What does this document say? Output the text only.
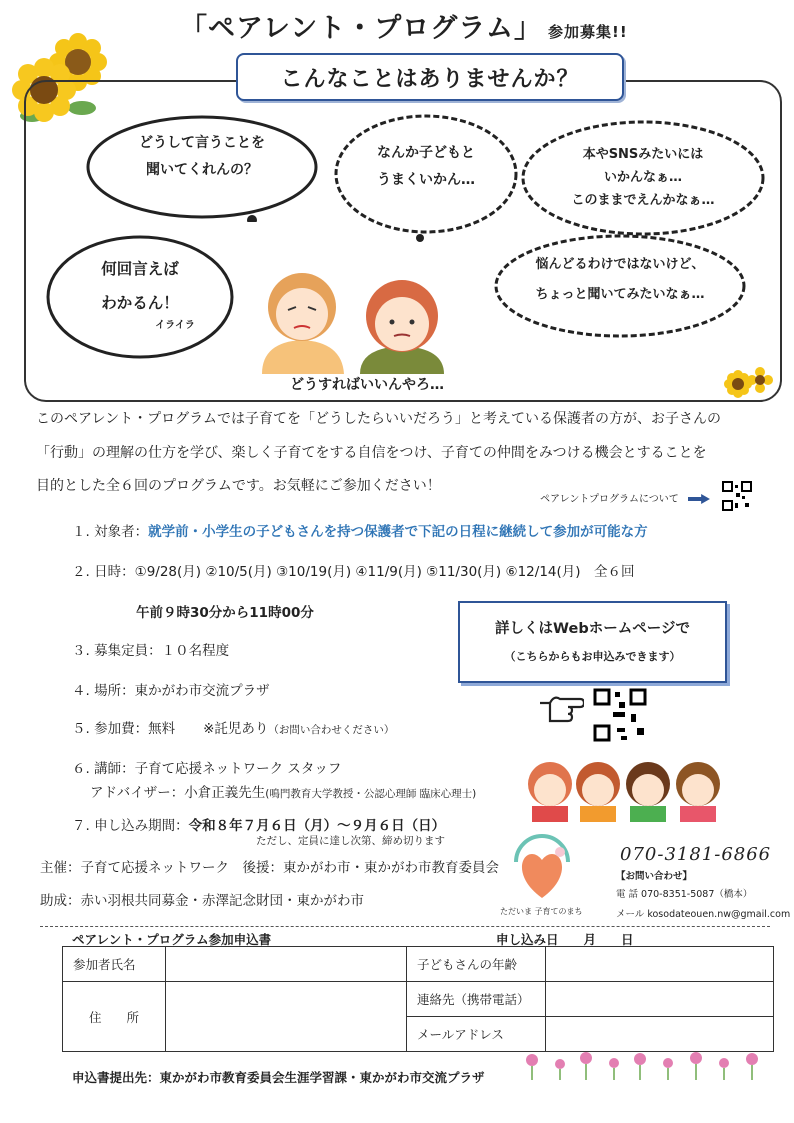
「ペアレント・プログラム」 参加募集!!
こんなことはありませんか？
どうして言うことを
聞いてくれんの？
なんか子どもと
うまくいかん…
本やSNSみたいには
いかんなぁ…
このままでえんかなぁ…
何回言えば
わかるん！
イライラ
悩んどるわけではないけど、
ちょっと聞いてみたいなぁ…
どうすればいいんやろ…
このペアレント・プログラムでは子育てを「どうしたらいいだろう」と考えている保護者の方が、お子さんの
「行動」の理解の仕方を学び、楽しく子育てをする自信をつけ、子育ての仲間をみつける機会とすることを
目的とした全６回のプログラムです。お気軽にご参加ください！
ペアレントプログラムについて
１. 対象者：就学前・小学生の子どもさんを持つ保護者で下記の日程に継続して参加が可能な方
２. 日時：①9/28(月) ②10/5(月) ③10/19(月) ④11/9(月) ⑤11/30(月) ⑥12/14(月)　全６回
午前９時30分から11時00分
３. 募集定員：１０名程度
４. 場所：東かがわ市交流プラザ
５. 参加費：無料 ※託児あり（お問い合わせください）
６. 講師：子育て応援ネットワーク スタッフ
アドバイザー：小倉正義先生(鳴門教育大学教授・公認心理師 臨床心理士)
７. 申し込み期間：令和８年７月６日（月）～９月６日（日）
ただし、定員に達し次第、締め切ります
詳しくはWebホームページで
（こちらからもお申込みできます）
主催：子育て応援ネットワーク　後援：東かがわ市・東かがわ市教育委員会
助成：赤い羽根共同募金・赤澤記念財団・東かがわ市
ただいま 子育てのまち
070-3181-6866
【お問い合わせ】
電 話 070-8351-5087（橋本）
メール kosodateouen.nw@gmail.com
ペアレント・プログラム参加申込書	申し込み日　　月　　日
参加者氏名		子どもさんの年齢	
住　　所		連絡先（携帯電話）	
		メールアドレス	
申込書提出先：東かがわ市教育委員会生涯学習課・東かがわ市交流プラザ
